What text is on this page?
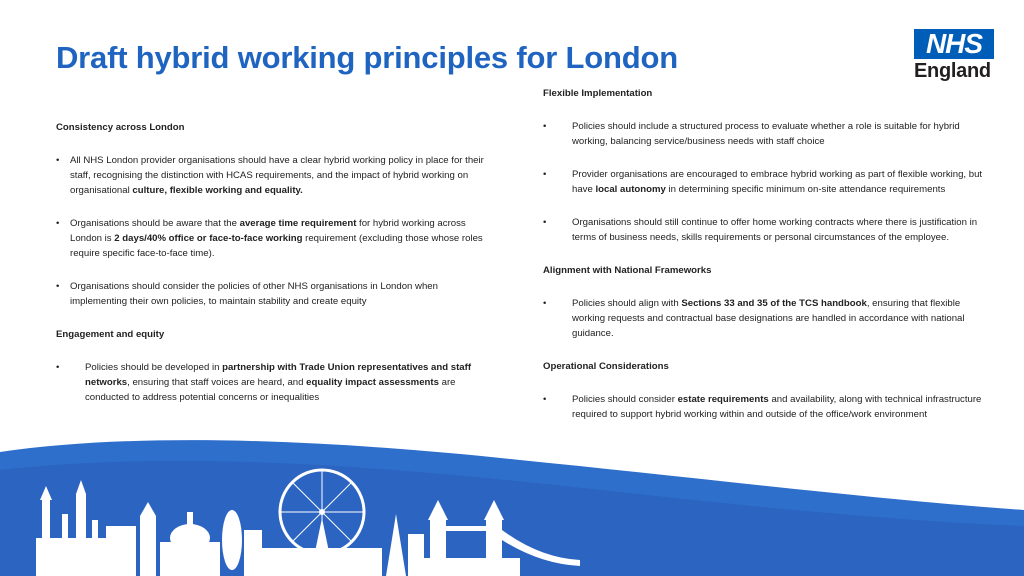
Draft hybrid working principles for London	NHS
England

Consistency across London

• All NHS London provider organisations should have a clear hybrid working policy in place for their staff, recognising the distinction with HCAS requirements, and the impact of hybrid working on organisational culture, flexible working and equality.
• Organisations should be aware that the average time requirement for hybrid working across London is 2 days/40% office or face-to-face working requirement (excluding those whose roles require specific face-to-face time).
• Organisations should consider the policies of other NHS organisations in London when implementing their own policies, to maintain stability and create equity

Engagement and equity

•	Policies should be developed in partnership with Trade Union representatives and staff networks, ensuring that staff voices are heard, and equality impact assessments are conducted to address potential concerns or inequalities

Flexible Implementation

•	Policies should include a structured process to evaluate whether a role is suitable for hybrid working, balancing service/business needs with staff choice
•	Provider organisations are encouraged to embrace hybrid working as part of flexible working, but have local autonomy in determining specific minimum on-site attendance requirements
•	Organisations should still continue to offer home working contracts where there is justification in terms of business needs, skills requirements or personal circumstances of the employee.

Alignment with National Frameworks

•	Policies should align with Sections 33 and 35 of the TCS handbook, ensuring that flexible working requests and contractual base designations are handled in accordance with national guidance.

Operational Considerations

•	Policies should consider estate requirements and availability, along with technical infrastructure required to support hybrid working within and outside of the office/work environment
